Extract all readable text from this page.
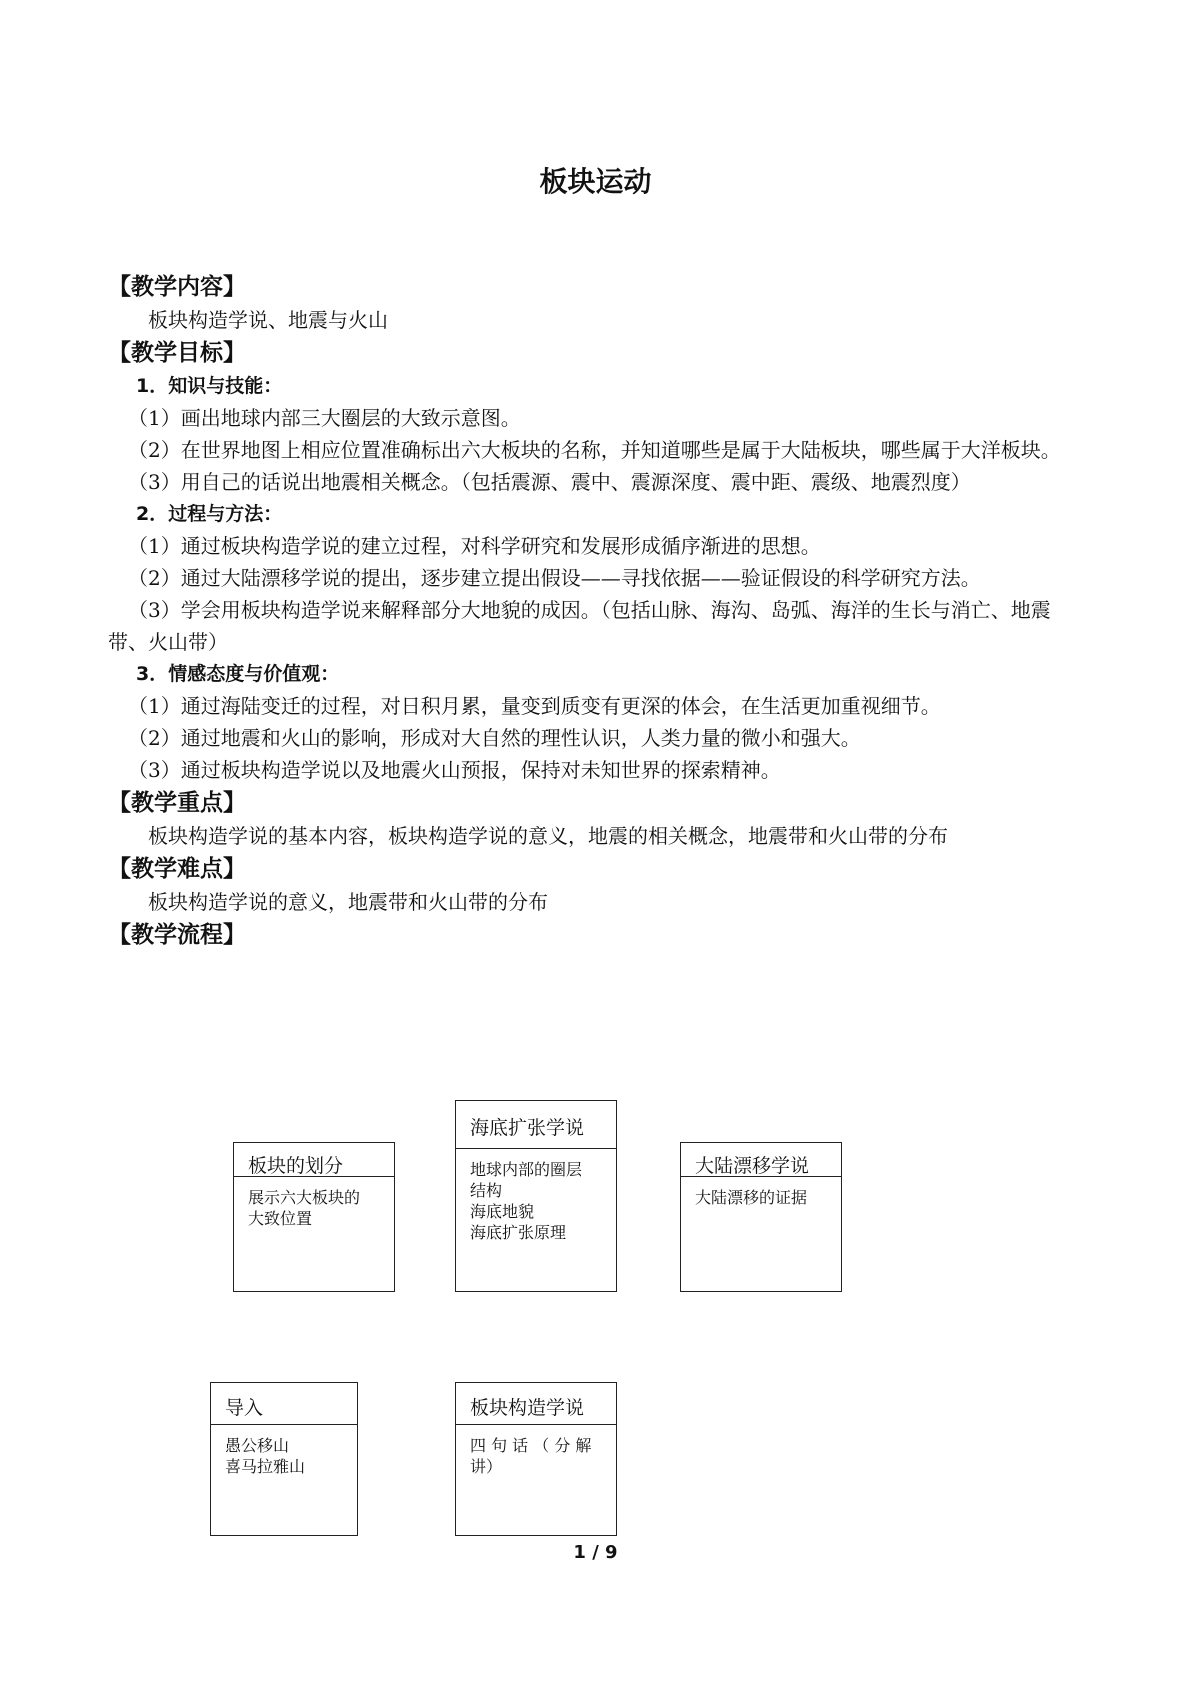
板块运动

【教学内容】

板块构造学说、地震与火山

【教学目标】

1．知识与技能：

（1）画出地球内部三大圈层的大致示意图。

（2）在世界地图上相应位置准确标出六大板块的名称，并知道哪些是属于大陆板块，哪些属于大洋板块。

（3）用自己的话说出地震相关概念。（包括震源、震中、震源深度、震中距、震级、地震烈度）

2．过程与方法：

（1）通过板块构造学说的建立过程，对科学研究和发展形成循序渐进的思想。

（2）通过大陆漂移学说的提出，逐步建立提出假设——寻找依据——验证假设的科学研究方法。

（3）学会用板块构造学说来解释部分大地貌的成因。（包括山脉、海沟、岛弧、海洋的生长与消亡、地震带、火山带）

3．情感态度与价值观：

（1）通过海陆变迁的过程，对日积月累，量变到质变有更深的体会，在生活更加重视细节。

（2）通过地震和火山的影响，形成对大自然的理性认识，人类力量的微小和强大。

（3）通过板块构造学说以及地震火山预报，保持对未知世界的探索精神。

【教学重点】

板块构造学说的基本内容，板块构造学说的意义，地震的相关概念，地震带和火山带的分布

【教学难点】

板块构造学说的意义，地震带和火山带的分布

【教学流程】

板块的划分
展示六大板块的
大致位置
海底扩张学说
地球内部的圈层
结构
海底地貌
海底扩张原理
大陆漂移学说
大陆漂移的证据
导入
愚公移山
喜马拉雅山
板块构造学说
四 句 话 （ 分 解
讲）
1 / 9
